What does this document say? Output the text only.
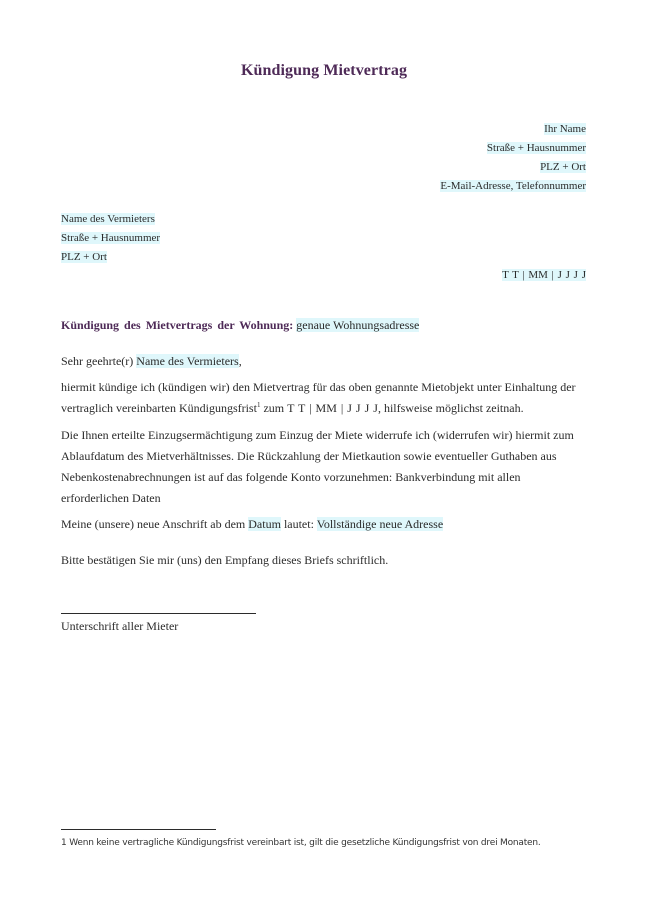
Kündigung Mietvertrag
Ihr Name
Straße + Hausnummer
PLZ + Ort
E-Mail-Adresse, Telefonnummer
Name des Vermieters
Straße + Hausnummer
PLZ + Ort
T T | MM | J J J J
Kündigung des Mietvertrags der Wohnung: genaue Wohnungsadresse
Sehr geehrte(r) Name des Vermieters,
hiermit kündige ich (kündigen wir) den Mietvertrag für das oben genannte Mietobjekt unter Einhaltung der vertraglich vereinbarten Kündigungsfrist$^1$ zum T T | MM | J J J J, hilfsweise möglichst zeitnah.
Die Ihnen erteilte Einzugsermächtigung zum Einzug der Miete widerrufe ich (widerrufen wir) hiermit zum Ablaufdatum des Mietverhältnisses. Die Rückzahlung der Mietkaution sowie eventueller Guthaben aus Nebenkostenabrechnungen ist auf das folgende Konto vorzunehmen: Bankverbindung mit allen erforderlichen Daten
Meine (unsere) neue Anschrift ab dem Datum lautet: Vollständige neue Adresse
Bitte bestätigen Sie mir (uns) den Empfang dieses Briefs schriftlich.
Unterschrift aller Mieter
1 Wenn keine vertragliche Kündigungsfrist vereinbart ist, gilt die gesetzliche Kündigungsfrist von drei Monaten.
